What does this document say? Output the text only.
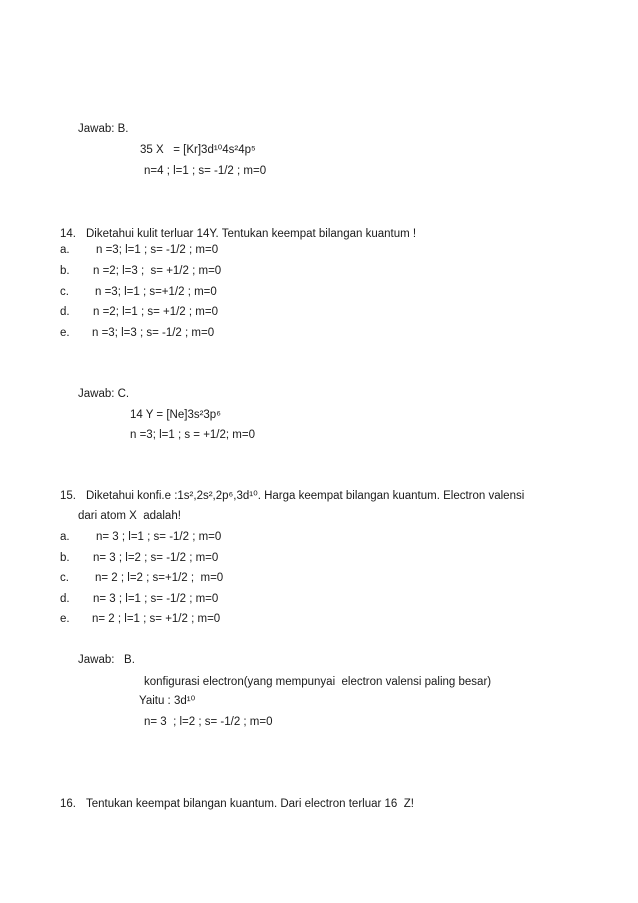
Jawab: B.
35 X   = [Kr]3d¹⁰4s²4p⁵
n=4 ; l=1 ; s= -1/2 ; m=0
14. Diketahui kulit terluar 14Y. Tentukan keempat bilangan kuantum !
a. n =3; l=1 ; s= -1/2 ; m=0
b. n =2; l=3 ;  s= +1/2 ; m=0
c. n =3; l=1 ; s=+1/2 ; m=0
d. n =2; l=1 ; s= +1/2 ; m=0
e. n =3; l=3 ; s= -1/2 ; m=0
Jawab: C.
14 Y = [Ne]3s²3p⁶
n =3; l=1 ; s = +1/2; m=0
15. Diketahui konfi.e :1s²,2s²,2p⁶,3d¹⁰. Harga keempat bilangan kuantum. Electron valensi
dari atom X  adalah!
a. n= 3 ; l=1 ; s= -1/2 ; m=0
b. n= 3 ; l=2 ; s= -1/2 ; m=0
c. n= 2 ; l=2 ; s=+1/2 ;  m=0
d. n= 3 ; l=1 ; s= -1/2 ; m=0
e. n= 2 ; l=1 ; s= +1/2 ; m=0
Jawab:   B.
konfigurasi electron(yang mempunyai  electron valensi paling besar)
Yaitu : 3d¹⁰
n= 3  ; l=2 ; s= -1/2 ; m=0
16. Tentukan keempat bilangan kuantum. Dari electron terluar 16  Z!
